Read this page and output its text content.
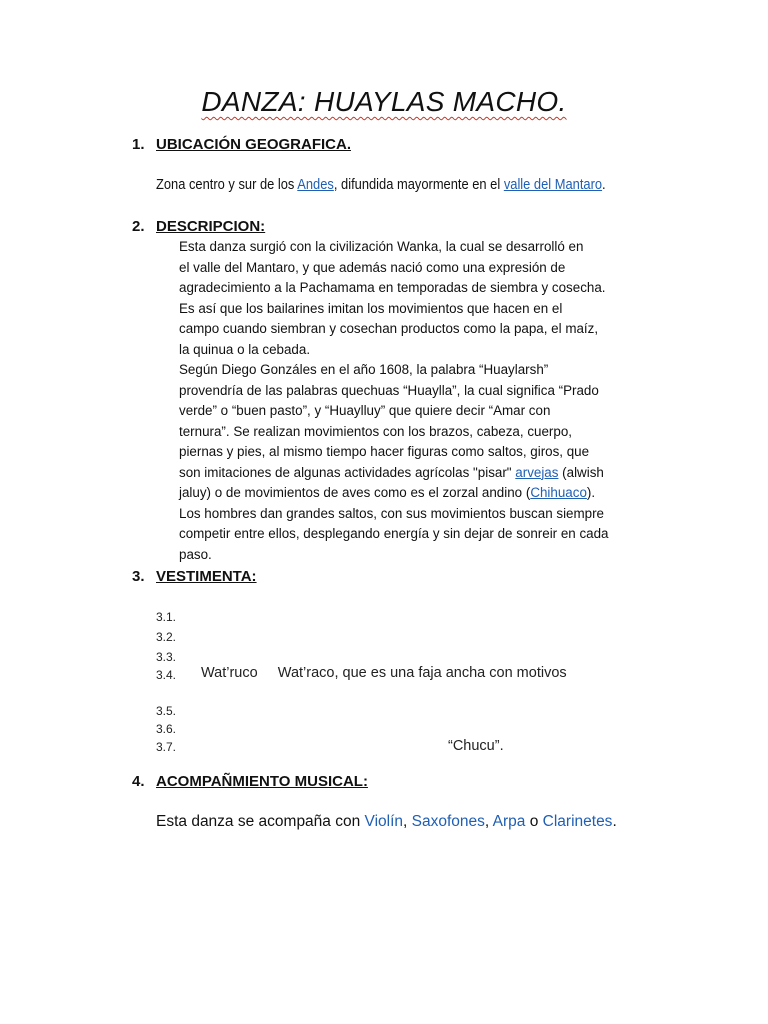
DANZA: HUAYLAS MACHO.
1. UBICACIÓN GEOGRAFICA.
Zona centro y sur de los Andes, difundida mayormente en el valle del Mantaro.
2. DESCRIPCION:
Esta danza surgió con la civilización Wanka, la cual se desarrolló en
el valle del Mantaro, y que además nació como una expresión de
agradecimiento a la Pachamama en temporadas de siembra y cosecha.
Es así que los bailarines imitan los movimientos que hacen en el
campo cuando siembran y cosechan productos como la papa, el maíz,
la quinua o la cebada.
Según Diego Gonzáles en el año 1608, la palabra “Huaylarsh”
provendría de las palabras quechuas “Huaylla”, la cual significa “Prado
verde” o “buen pasto”, y “Huaylluy” que quiere decir “Amar con
ternura”. Se realizan movimientos con los brazos, cabeza, cuerpo,
piernas y pies, al mismo tiempo hacer figuras como saltos, giros, que
son imitaciones de algunas actividades agrícolas "pisar" arvejas (alwish
jaluy) o de movimientos de aves como es el zorzal andino (Chihuaco).
Los hombres dan grandes saltos, con sus movimientos buscan siempre
competir entre ellos, desplegando energía y sin dejar de sonreir en cada
paso.
3. VESTIMENTA:
3.1.
3.2.
3.3.
3.4. Wat’ruco     Wat’raco, que es una faja ancha con motivos
3.5.
3.6.
3.7.	“Chucu”.
4. ACOMPAÑMIENTO MUSICAL:
Esta danza se acompaña con Violín, Saxofones, Arpa o Clarinetes.
